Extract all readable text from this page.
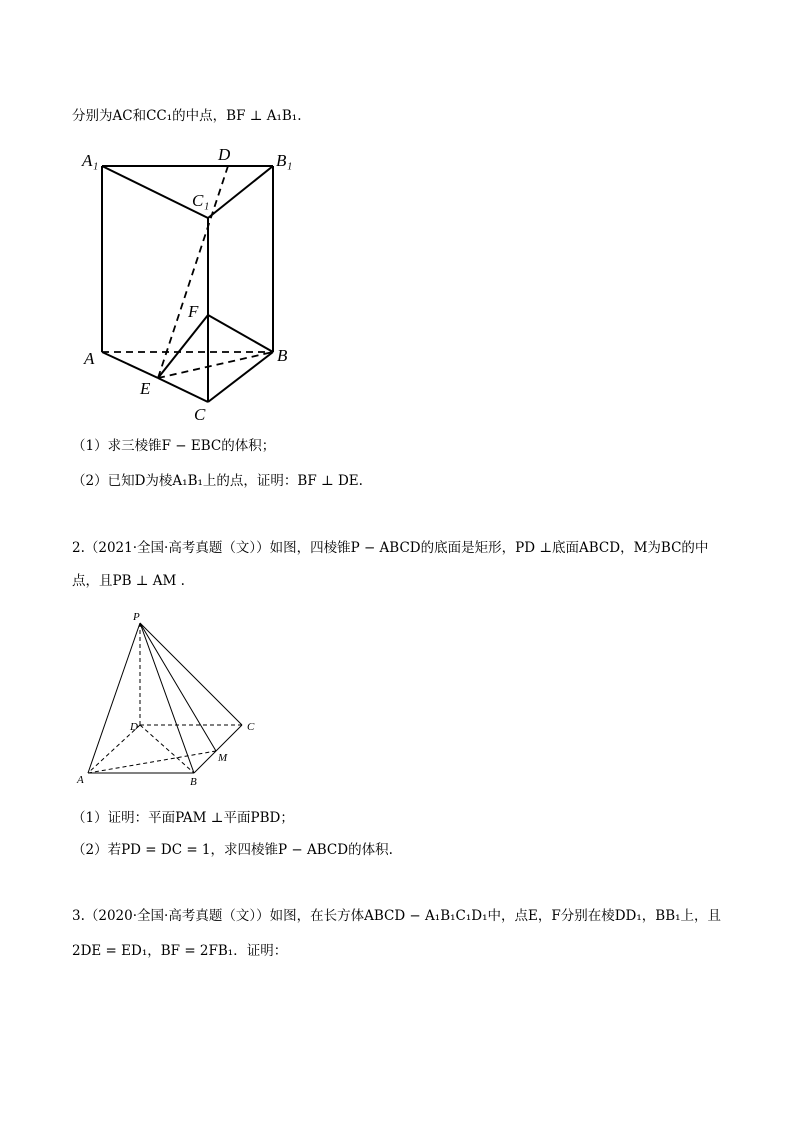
分别为AC和CC₁的中点，BF ⊥ A₁B₁.
A₁	D	B₁
C₁
F
A	B
E
C
（1）求三棱锥F − EBC的体积；
（2）已知D为棱A₁B₁上的点，证明：BF ⊥ DE.
2.（2021·全国·高考真题（文））如图，四棱锥P − ABCD的底面是矩形，PD ⊥底面ABCD，M为BC的中
点，且PB ⊥ AM .
P
D	C
M
A	B
（1）证明：平面PAM ⊥平面PBD；
（2）若PD = DC = 1，求四棱锥P − ABCD的体积.
3.（2020·全国·高考真题（文））如图，在长方体ABCD − A₁B₁C₁D₁中，点E，F分别在棱DD₁，BB₁上，且
2DE = ED₁，BF = 2FB₁．证明：
